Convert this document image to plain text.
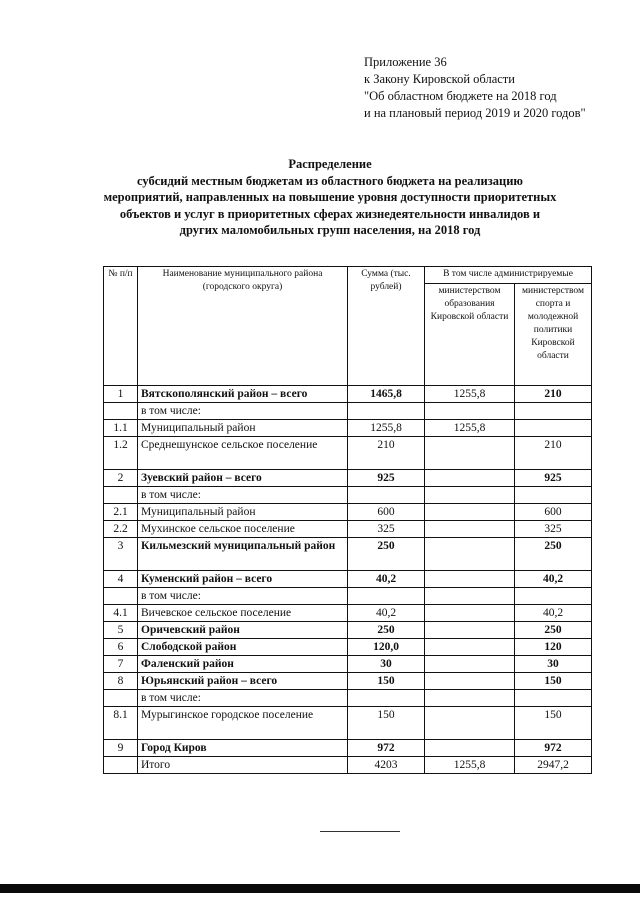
Приложение 36
к Закону Кировской области
"Об областном бюджете на 2018 год
и на плановый период 2019 и 2020 годов"
Распределение
субсидий местным бюджетам из областного бюджета на реализацию
мероприятий, направленных на повышение уровня доступности приоритетных
объектов и услуг в приоритетных сферах жизнедеятельности инвалидов и
других маломобильных групп населения, на 2018 год
№ п/п	Наименование муниципального района (городского округа)	Сумма (тыс. рублей)	В том числе администрируемые	
			министерством образования Кировской области	министерством спорта и молодежной политики Кировской области
1	Вятскополянский район – всего	1465,8	1255,8	210
	в том числе:			
1.1	Муниципальный район	1255,8	1255,8	
1.2	Среднешунское сельское поселение	210		210
2	Зуевский район – всего	925		925
	в том числе:			
2.1	Муниципальный район	600		600
2.2	Мухинское сельское поселение	325		325
3	Кильмезский муниципальный район	250		250
4	Куменский район – всего	40,2		40,2
	в том числе:			
4.1	Вичевское сельское поселение	40,2		40,2
5	Оричевский район	250		250
6	Слободской район	120,0		120
7	Фаленский район	30		30
8	Юрьянский район – всего	150		150
	в том числе:			
8.1	Мурыгинское городское поселение	150		150
9	Город Киров	972		972
	Итого	4203	1255,8	2947,2
